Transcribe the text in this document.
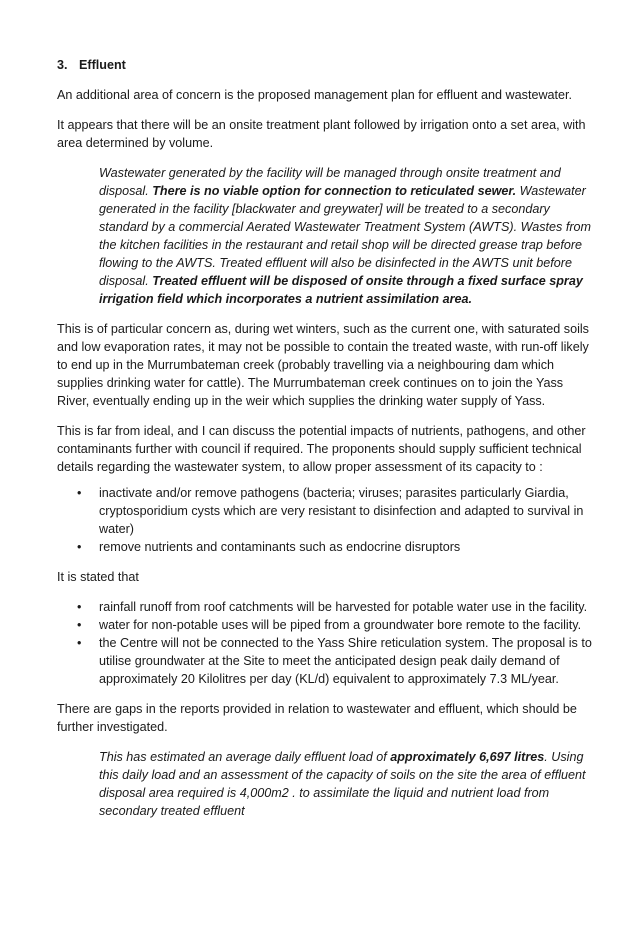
3. Effluent

An additional area of concern is the proposed management plan for effluent and wastewater.

It appears that there will be an onsite treatment plant followed by irrigation onto a set area, with area determined by volume.

Wastewater generated by the facility will be managed through onsite treatment and disposal. There is no viable option for connection to reticulated sewer. Wastewater generated in the facility [blackwater and greywater] will be treated to a secondary standard by a commercial Aerated Wastewater Treatment System (AWTS). Wastes from the kitchen facilities in the restaurant and retail shop will be directed grease trap before flowing to the AWTS. Treated effluent will also be disinfected in the AWTS unit before disposal. Treated effluent will be disposed of onsite through a fixed surface spray irrigation field which incorporates a nutrient assimilation area.

This is of particular concern as, during wet winters, such as the current one, with saturated soils and low evaporation rates, it may not be possible to contain the treated waste, with run-off likely to end up in the Murrumbateman creek (probably travelling via a neighbouring dam which supplies drinking water for cattle). The Murrumbateman creek continues on to join the Yass River, eventually ending up in the weir which supplies the drinking water supply of Yass.

This is far from ideal, and I can discuss the potential impacts of nutrients, pathogens, and other contaminants further with council if required. The proponents should supply sufficient technical details regarding the wastewater system, to allow proper assessment of its capacity to :

• inactivate and/or remove pathogens (bacteria; viruses; parasites particularly Giardia, cryptosporidium cysts which are very resistant to disinfection and adapted to survival in water)
• remove nutrients and contaminants such as endocrine disruptors

It is stated that

• rainfall runoff from roof catchments will be harvested for potable water use in the facility.
• water for non-potable uses will be piped from a groundwater bore remote to the facility.
• the Centre will not be connected to the Yass Shire reticulation system. The proposal is to utilise groundwater at the Site to meet the anticipated design peak daily demand of approximately 20 Kilolitres per day (KL/d) equivalent to approximately 7.3 ML/year.

There are gaps in the reports provided in relation to wastewater and effluent, which should be further investigated.

This has estimated an average daily effluent load of approximately 6,697 litres. Using this daily load and an assessment of the capacity of soils on the site the area of effluent disposal area required is 4,000m2 . to assimilate the liquid and nutrient load from secondary treated effluent
